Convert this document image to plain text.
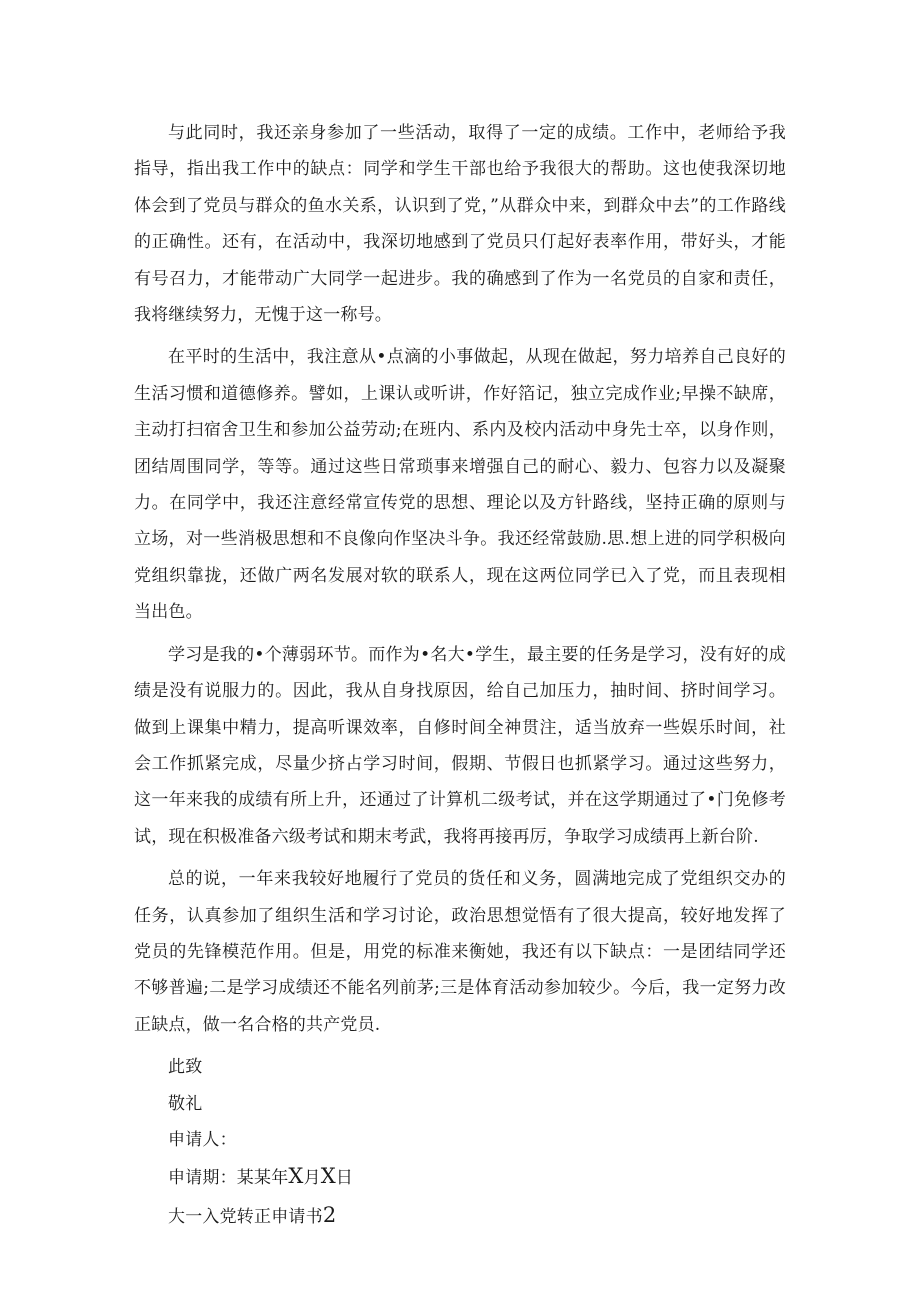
与此同时，我还亲身参加了一些活动，取得了一定的成绩。工作中，老师给予我指导，指出我工作中的缺点：同学和学生干部也给予我很大的帮助。这也使我深切地体会到了党员与群众的鱼水关系，认识到了党，”从群众中来，到群众中去”的工作路线的正确性。还有，在活动中，我深切地感到了党员只仃起好表率作用，带好头，才能有号召力，才能带动广大同学一起进步。我的确感到了作为一名党员的自家和责任，我将继续努力，无愧于这一称号。

在平时的生活中，我注意从•点滴的小事做起，从现在做起，努力培养自己良好的生活习惯和道德修养。譬如，上课认或听讲，作好箔记，独立完成作业;早操不缺席，主动打扫宿舍卫生和参加公益劳动;在班内、系内及校内活动中身先士卒，以身作则，团结周围同学，等等。通过这些日常琐事来增强自己的耐心、毅力、包容力以及凝聚力。在同学中，我还注意经常宣传党的思想、理论以及方针路线，坚持正确的原则与立场，对一些消极思想和不良像向作坚决斗争。我还经常鼓励.思.想上进的同学积极向党组织靠拢，还做广两名发展对软的联系人，现在这两位同学已入了党，而且表现相当出色。

学习是我的•个薄弱环节。而作为•名大•学生，最主要的任务是学习，没有好的成绩是没有说服力的。因此，我从自身找原因，给自己加压力，抽时间、挤时间学习。做到上课集中精力，提高听课效率，自修时间全神贯注，适当放弃一些娱乐时间，社会工作抓紧完成，尽量少挤占学习时间，假期、节假日也抓紧学习。通过这些努力，这一年来我的成绩有所上升，还通过了计算机二级考试，并在这学期通过了•门免修考试，现在积极准备六级考试和期末考武，我将再接再厉，争取学习成绩再上新台阶.

总的说，一年来我较好地履行了党员的货任和义务，圆满地完成了党组织交办的任务，认真参加了组织生活和学习讨论，政治思想觉悟有了很大提高，较好地发挥了党员的先锋模范作用。但是，用党的标准来衡她，我还有以下缺点：一是团结同学还不够普遍;二是学习成绩还不能名列前茅;三是体育活动参加较少。今后，我一定努力改正缺点，做一名合格的共产党员.

此致

敬礼

申请人：

申请期：某某年X月X日

大一入党转正申请书2
